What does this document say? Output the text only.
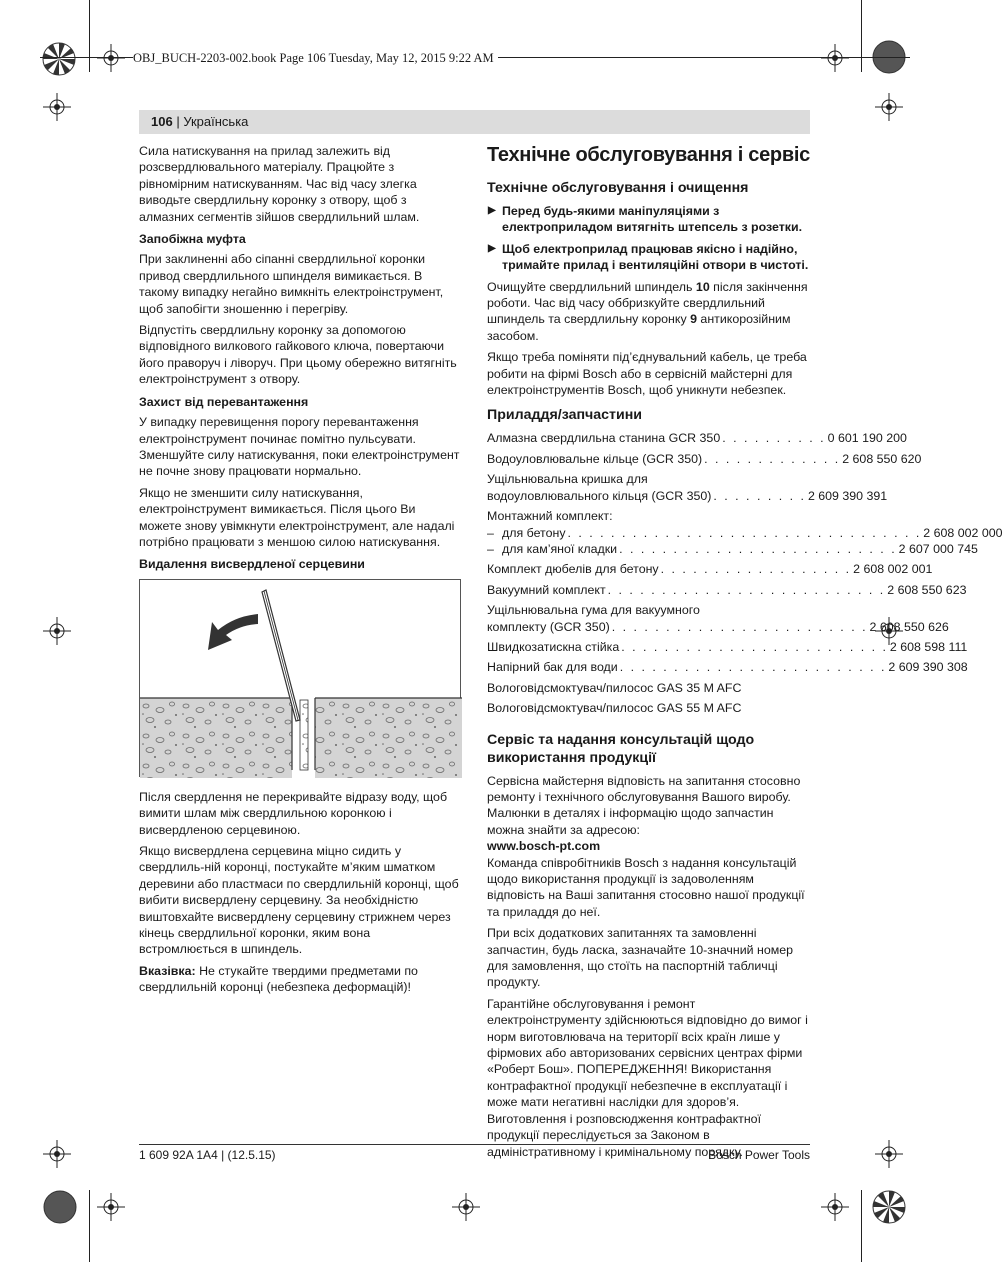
OBJ_BUCH-2203-002.book Page 106 Tuesday, May 12, 2015 9:22 AM
106 | Українська

Сила натискування на прилад залежить від розсвердлювального матеріалу. Працюйте з рівномірним натискуванням. Час від часу злегка виводьте свердлильну коронку з отвору, щоб з алмазних сегментів зійшов свердлильний шлам.

Запобіжна муфта

При заклиненні або сіпанні свердлильної коронки привод свердлильного шпинделя вимикається. В такому випадку негайно вимкніть електроінструмент, щоб запобігти зношенню і перегріву.

Відпустіть свердлильну коронку за допомогою відповідного вилкового гайкового ключа, повертаючи його праворуч і ліворуч. При цьому обережно витягніть електроінструмент з отвору.

Захист від перевантаження

У випадку перевищення порогу перевантаження електроінструмент починає помітно пульсувати. Зменшуйте силу натискування, поки електроінструмент не почне знову працювати нормально.

Якщо не зменшити силу натискування, електроінструмент вимикається. Після цього Ви можете знову увімкнути електроінструмент, але надалі потрібно працювати з меншою силою натискування.

Видалення висвердленої серцевини

Після свердлення не перекривайте відразу воду, щоб вимити шлам між свердлильною коронкою і висвердленою серцевиною.

Якщо висвердлена серцевина міцно сидить у свердлиль-ній коронці, постукайте м’яким шматком деревини або пластмаси по свердлильній коронці, щоб вибити висвердлену серцевину. За необхідністю виштовхайте висвердлену серцевину стрижнем через кінець свердлильної коронки, яким вона встромлюється в шпиндель.

Вказівка: Не стукайте твердими предметами по свердлильній коронці (небезпека деформацій)!

Технічне обслуговування і сервіс
Технічне обслуговування і очищення
▶ Перед будь-якими маніпуляціями з електроприладом витягніть штепсель з розетки.
▶ Щоб електроприлад працював якісно і надійно, тримайте прилад і вентиляційні отвори в чистоті.

Очищуйте свердлильний шпиндель 10 після закінчення роботи. Час від часу оббризкуйте свердлильний шпиндель та свердлильну коронку 9 антикорозійним засобом.

Якщо треба поміняти під’єднувальний кабель, це треба робити на фірмі Bosch або в сервісній майстерні для електроінструментів Bosch, щоб уникнути небезпек.

Приладдя/запчастини
Алмазна свердлильна станина GCR 350 . . . . . . . . . . 0 601 190 200
Водоуловлювальне кільце (GCR 350) . . . . . . . . . . . . . 2 608 550 620
Ущільнювальна кришка для
водоуловлювального кільця (GCR 350) . . . . . . . . . 2 609 390 391
Монтажний комплект:
– для бетону . . . . . . . . . . . . . . . . . . . . . . . . . . . . . . . . . 2 608 002 000
– для кам’яної кладки . . . . . . . . . . . . . . . . . . . . . . . . . . 2 607 000 745
Комплект дюбелів для бетону . . . . . . . . . . . . . . . . . . 2 608 002 001
Вакуумний комплект . . . . . . . . . . . . . . . . . . . . . . . . . . 2 608 550 623
Ущільнювальна гума для вакуумного
комплекту (GCR 350) . . . . . . . . . . . . . . . . . . . . . . . . 2 608 550 626
Швидкозатискна стійка . . . . . . . . . . . . . . . . . . . . . . . . . 2 608 598 111
Напірний бак для води . . . . . . . . . . . . . . . . . . . . . . . . . 2 609 390 308
Вологовідсмоктувач/пилосос GAS 35 M AFC
Вологовідсмоктувач/пилосос GAS 55 M AFC
Сервіс та надання консультацій щодо використання продукції

Сервісна майстерня відповість на запитання стосовно ремонту і технічного обслуговування Вашого виробу. Малюнки в деталях і інформацію щодо запчастин можна знайти за адресою:

www.bosch-pt.com

Команда співробітників Bosch з надання консультацій щодо використання продукції із задоволенням відповість на Ваші запитання стосовно нашої продукції та приладдя до неї.

При всіх додаткових запитаннях та замовленні запчастин, будь ласка, зазначайте 10-значний номер для замовлення, що стоїть на паспортній табличці продукту.

Гарантійне обслуговування і ремонт електроінструменту здійснюються відповідно до вимог і норм виготовлювача на території всіх країн лише у фірмових або авторизованих сервісних центрах фірми «Роберт Бош». ПОПЕРЕДЖЕННЯ! Використання контрафактної продукції небезпечне в експлуатації і може мати негативні наслідки для здоров’я. Виготовлення і розповсюдження контрафактної продукції переслідується за Законом в адміністративному і кримінальному порядку.

1 609 92A 1A4 | (12.5.15)	Bosch Power Tools
